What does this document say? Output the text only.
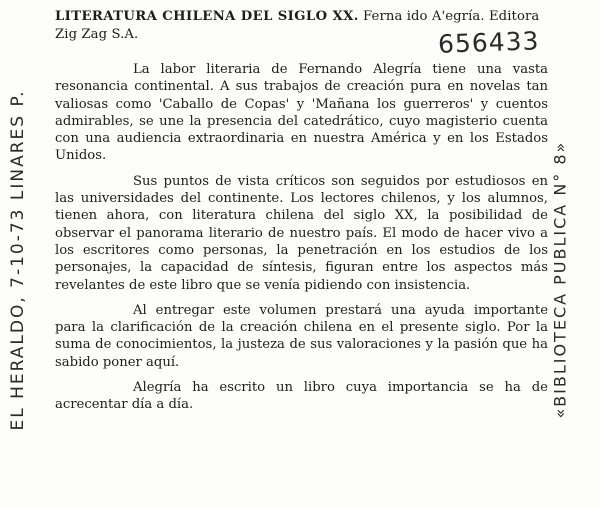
LITERATURA CHILENA DEL SIGLO XX. Ferna ido A'egría. Editora Zig Zag S.A.	656433
EL HERALDO, 7-10-73 LINARES P.	«BIBLIOTECA PUBLICA N° 8»

La labor literaria de Fernando Alegría tiene una vasta resonancia continental. A sus trabajos de creación pura en novelas tan valiosas como 'Caballo de Copas' y 'Mañana los guerreros' y cuentos admirables, se une la presencia del catedrático, cuyo magisterio cuenta con una audiencia extraordinaria en nuestra América y en los Estados Unidos.

Sus puntos de vista críticos son seguidos por estudiosos en las universidades del continente. Los lectores chilenos, y los alumnos, tienen ahora, con literatura chilena del siglo XX, la posibilidad de observar el panorama literario de nuestro país. El modo de hacer vivo a los escritores como personas, la penetración en los estudios de los personajes, la capacidad de síntesis, figuran entre los aspectos más revelantes de este libro que se venía pidiendo con insistencia.

Al entregar este volumen prestará una ayuda importante para la clarificación de la creación chilena en el presente siglo. Por la suma de conocimientos, la justeza de sus valoraciones y la pasión que ha sabido poner aquí.

Alegría ha escrito un libro cuya importancia se ha de acrecentar día a día.
